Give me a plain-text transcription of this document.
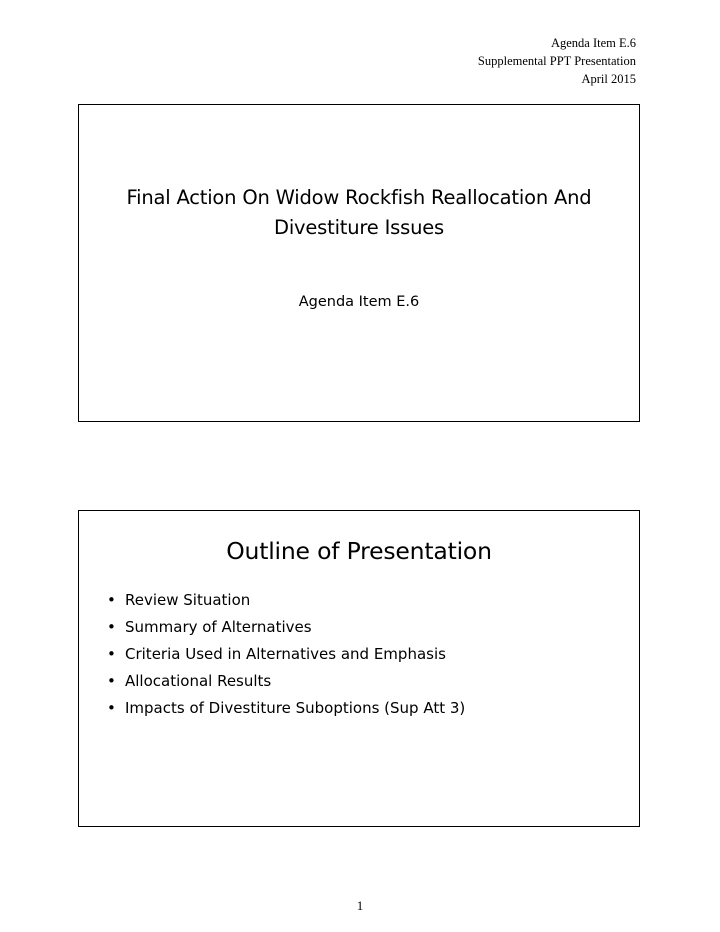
Agenda Item E.6
Supplemental PPT Presentation
April 2015
Final Action On Widow Rockfish Reallocation And
Divestiture Issues
Agenda Item E.6
Outline of Presentation
• Review Situation
• Summary of Alternatives
• Criteria Used in Alternatives and Emphasis
• Allocational Results
• Impacts of Divestiture Suboptions (Sup Att 3)
1
